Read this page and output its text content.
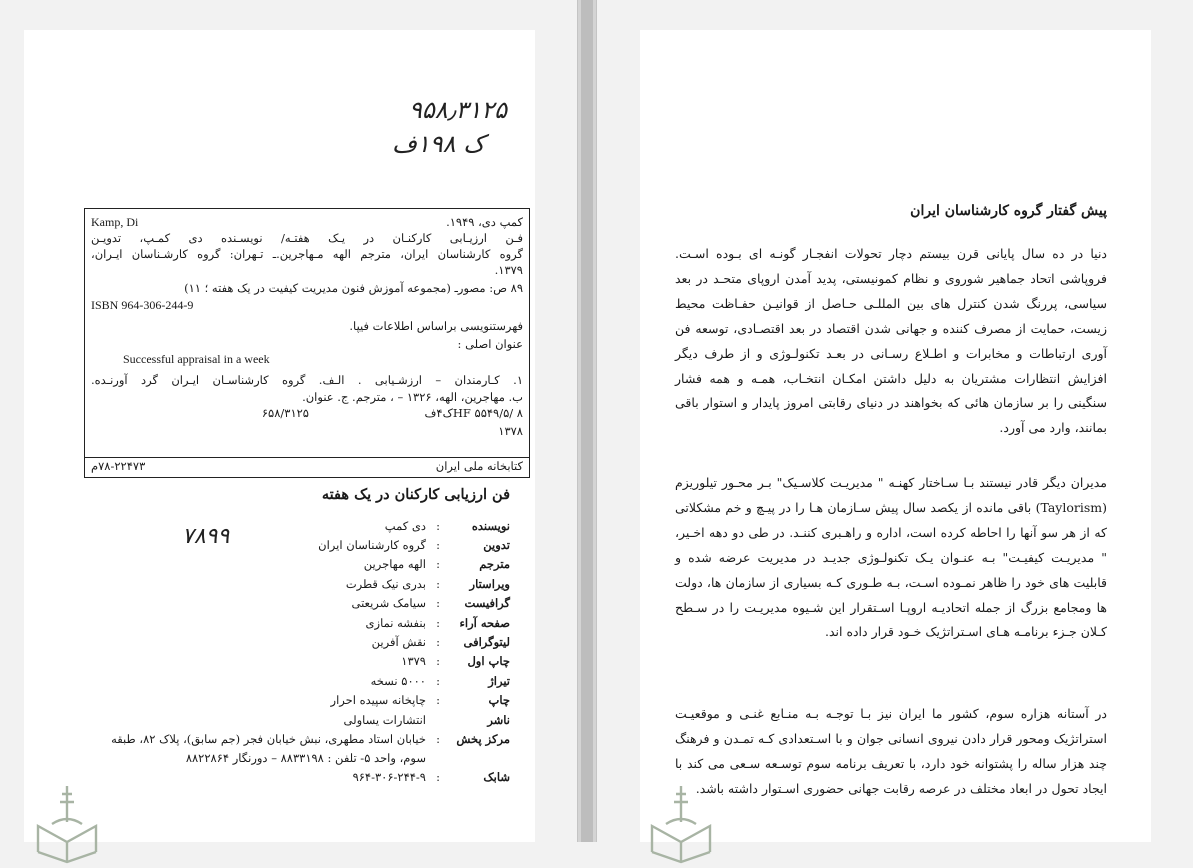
۹۵۸٫۳۱۲۵
ک ۱۹۸ف
۷۸۹۹
Kamp, Di	کمپ دی، ۱۹۴۹.
فـن ارزیـابی کارکنـان در یـک هفتـه/ نویسـنده دی کمـپ، تدویـن
گروه کارشناسان ایران، مترجم الهه مـهاجرین.ـ تـهران: گروه کارشـناسان ایـران،
۱۳۷۹.
۸۹ ص: مصورـ (مجموعه آموزش فنون مدیریت کیفیت در یک هفته ؛ ۱۱)
ISBN 964-306-244-9
فهرستنویسی براساس اطلاعات فیپا.
عنوان اصلی :
Successful appraisal in a week
۱. کـارمندان – ارزشـیابی . الـف. گروه کارشناسـان ایـران گرد آورنـده.
ب. مهاجرین، الهه، ۱۳۲۶ – ، مترجم. ج. عنوان.
HF ۵۵۴۹/۵/ ۸ک۴ف
۶۵۸/۳۱۲۵
۱۳۷۸
کتابخانه ملی ایران
۷۸-۲۲۴۷۳م
فن ارزیابی کارکنان در یک هفته
نویسنده
:
دی کمپ
تدوین
:
گروه کارشناسان ایران
مترجم
:
الهه مهاجرین
ویراستار
:
بدری نیک قطرت
گرافیست
:
سیامک شریعتی
صفحه آراء
:
بنفشه نمازی
لیتوگرافی
:
نقش آفرین
چاپ اول
:
۱۳۷۹
تیراژ
:
۵۰۰۰ نسخه
چاپ
:
چاپخانه سپیده احرار
ناشر
انتشارات یساولی
مرکز پخش
:
خیابان استاد مطهری، نبش خیابان فجر (جم سابق)، پلاک ۸۲، طبقه
سوم، واحد ۵- تلفن : ۸۸۳۳۱۹۸ – دورنگار ۸۸۲۲۸۶۴
شابک
:
۹۶۴-۳۰۶-۲۴۴-۹
پیش گفتار گروه کارشناسان ایران

دنیا در ده سال پایانی قرن بیستم دچار تحولات انفجـار گونـه ای بـوده اسـت. فروپاشی اتحاد جماهیر شوروی و نظام کمونیستی، پدید آمدن اروپای متحـد در بعد سیاسی، پررنگ شدن کنترل های بین المللـی حـاصل از قوانیـن حفـاظت محیط زیست، حمایت از مصرف کننده و جهانی شدن اقتصاد در بعد اقتصـادی، توسعه فن آوری ارتباطات و مخابرات و اطـلاع رسـانی در بعـد تکنولـوژی و از طرف دیگر افزایش انتظارات مشتریان به دلیل داشتن امکـان انتخـاب، همـه و همه فشار سنگینی را بر سازمان هائی که بخواهند در دنیای رقابتی امروز پایدار و استوار باقی بمانند، وارد می آورد.

مدیران دیگر قادر نیستند بـا سـاختار کهنـه " مدیریـت کلاسـیک" بـر محـور تیلوریزم (Taylorism) باقی مانده از یکصد سال پیش سـازمان هـا را در پیـچ و خم مشکلاتی که از هر سو آنها را احاطه کرده است، اداره و راهـبری کننـد. در طی دو دهه اخـیر، " مدیریـت کیفیـت" بـه عنـوان یـک تکنولـوژی جدیـد در مدیریت عرضه شده و قابلیت های خود را ظاهر نمـوده اسـت، بـه طـوری کـه بسیاری از سازمان ها، دولت ها ومجامع بزرگ از جمله اتحادیـه اروپـا اسـتقرار این شـیوه مدیریـت را در سـطح کـلان جـزء برنامـه هـای اسـتراتژیک خـود قرار داده اند.

در آستانه هزاره سوم، کشور ما ایران نیز بـا توجـه بـه منـابع غنـی و موقعیـت استراتژیک ومحور قرار دادن نیروی انسانی جوان و با اسـتعدادی کـه تمـدن و فرهنگ چند هزار ساله را پشتوانه خود دارد، با تعریف برنامه سوم توسـعه سـعی می کند با ایجاد تحول در ابعاد مختلف در عرصه رقابت جهانی حضوری اسـتوار داشته باشد.
